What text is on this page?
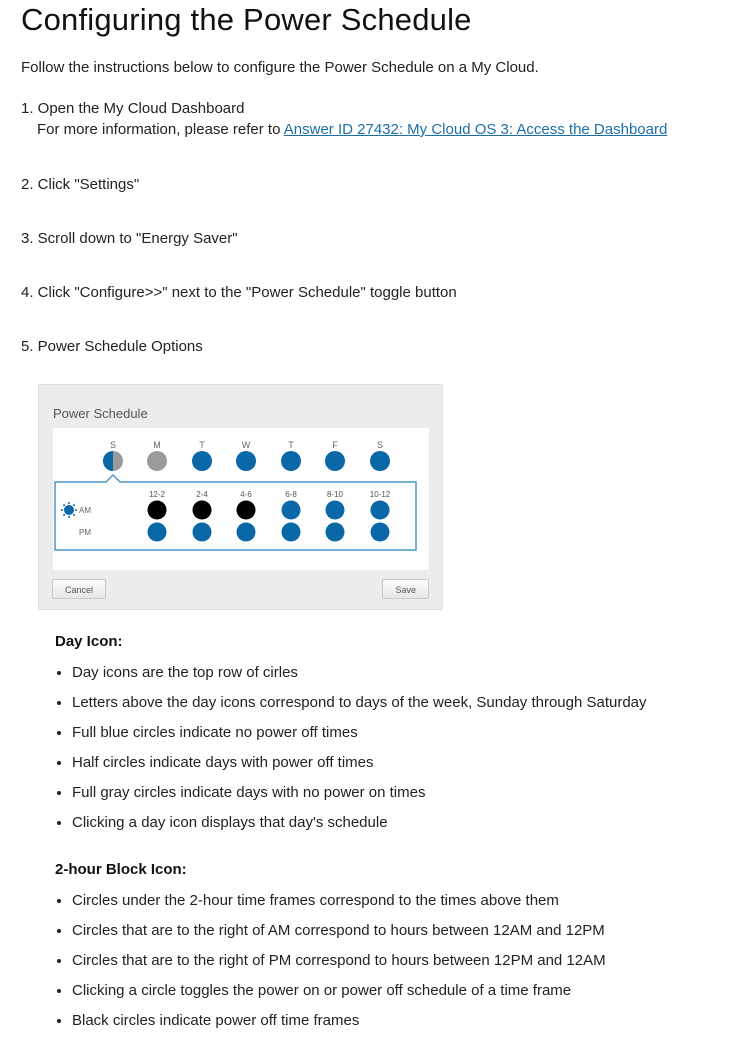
Configuring the Power Schedule
Follow the instructions below to configure the Power Schedule on a My Cloud.
1. Open the My Cloud Dashboard
For more information, please refer to Answer ID 27432: My Cloud OS 3: Access the Dashboard
2. Click "Settings"
3. Scroll down to "Energy Saver"
4. Click "Configure>>" next to the "Power Schedule" toggle button
5. Power Schedule Options
Power Schedule
S	M	T	W	T	F	S
12-2	2-4	4-6	6-8	8-10	10-12
AM
PM
Cancel	Save
Day Icon:
• Day icons are the top row of cirles
• Letters above the day icons correspond to days of the week, Sunday through Saturday
• Full blue circles indicate no power off times
• Half circles indicate days with power off times
• Full gray circles indicate days with no power on times
• Clicking a day icon displays that day's schedule
2-hour Block Icon:
• Circles under the 2-hour time frames correspond to the times above them
• Circles that are to the right of AM correspond to hours between 12AM and 12PM
• Circles that are to the right of PM correspond to hours between 12PM and 12AM
• Clicking a circle toggles the power on or power off schedule of a time frame
• Black circles indicate power off time frames
